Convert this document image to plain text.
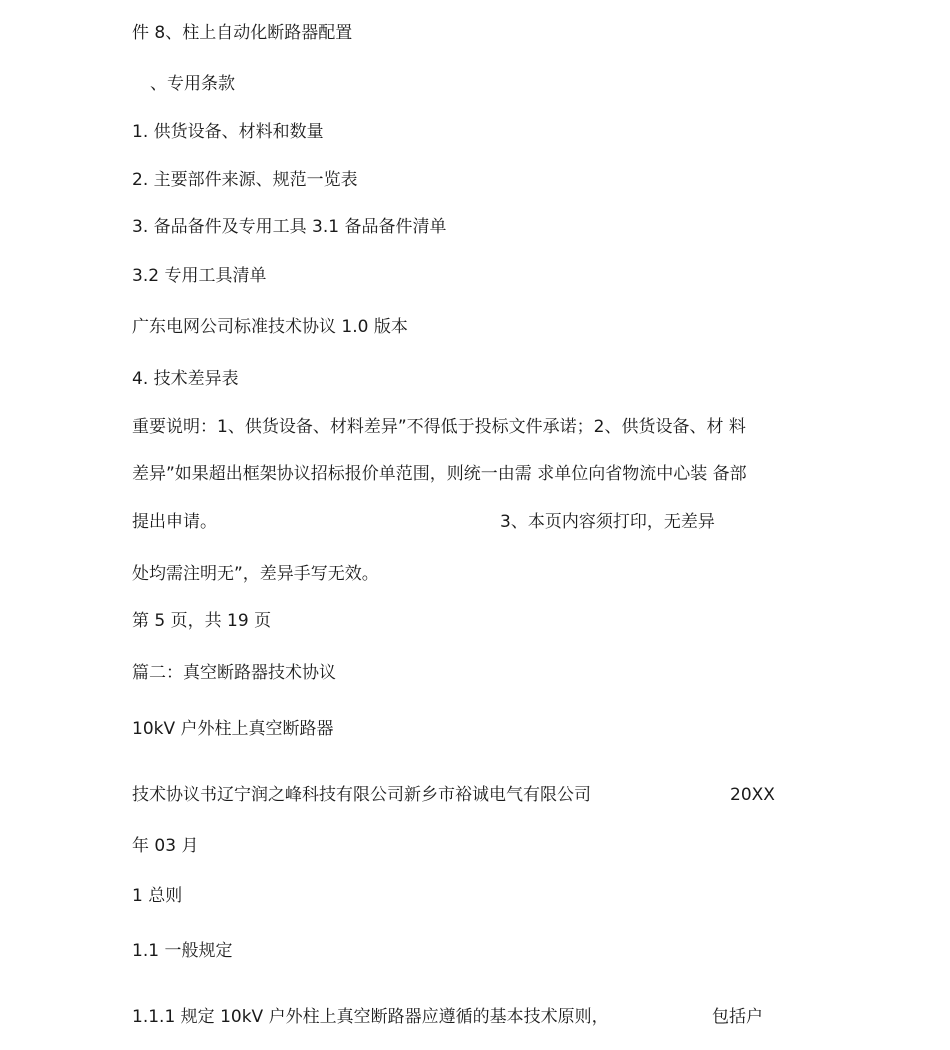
件 8、柱上自动化断路器配置
、专用条款
1. 供货设备、材料和数量
2. 主要部件来源、规范一览表
3. 备品备件及专用工具 3.1 备品备件清单
3.2 专用工具清单
广东电网公司标准技术协议 1.0 版本
4. 技术差异表
重要说明：1、供货设备、材料差异”不得低于投标文件承诺；2、供货设备、材 料
差异”如果超出框架协议招标报价单范围，则统一由需 求单位向省物流中心装 备部
提出申请。	3、本页内容须打印，无差异
处均需注明无”，差异手写无效。
第 5 页，共 19 页
篇二：真空断路器技术协议
10kV 户外柱上真空断路器
技术协议书辽宁润之峰科技有限公司新乡市裕诚电气有限公司	20XX
年 03 月
1 总则
1.1 一般规定
1.1.1 规定 10kV 户外柱上真空断路器应遵循的基本技术原则，	包括户
